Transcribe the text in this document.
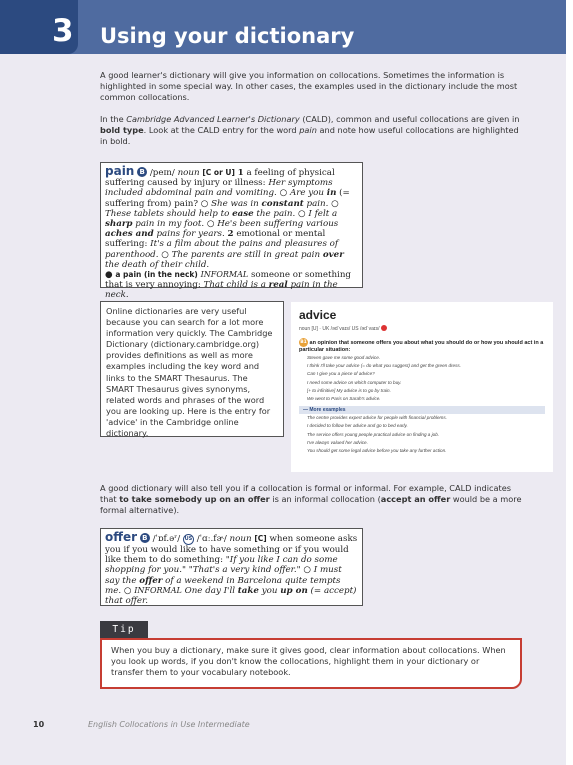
3 Using your dictionary
A good learner's dictionary will give you information on collocations. Sometimes the information is highlighted in some special way. In other cases, the examples used in the dictionary include the most common collocations.
In the Cambridge Advanced Learner's Dictionary (CALD), common and useful collocations are given in bold type. Look at the CALD entry for the word pain and note how useful collocations are highlighted in bold.
pain B /peɪn/ noun [C or U] 1 a feeling of physical suffering caused by injury or illness: Her symptoms included abdominal pain and vomiting. ○ Are you in (= suffering from) pain? ○ She was in constant pain. ○ These tablets should help to ease the pain. ○ I felt a sharp pain in my foot. ○ He's been suffering various aches and pains for years. 2 emotional or mental suffering: It's a film about the pains and pleasures of parenthood. ○ The parents are still in great pain over the death of their child.
● a pain (in the neck) INFORMAL someone or something that is very annoying: That child is a real pain in the neck.
Online dictionaries are very useful because you can search for a lot more information very quickly. The Cambridge Dictionary (dictionary.cambridge.org) provides definitions as well as more examples including the key word and links to the SMART Thesaurus. The SMART Thesaurus gives synonyms, related words and phrases of the word you are looking up. Here is the entry for 'advice' in the Cambridge online dictionary.
advice
noun [U] · UK /ədˈvaɪs/ US /ədˈvaɪs/
B1 an opinion that someone offers you about what you should do or how you should act in a particular situation:
Steven gave me some good advice.
I think I'll take your advice (= do what you suggest) and get the green dress.
Can I give you a piece of advice?
I need some advice on which computer to buy.
[+ to infinitive] My advice is to go by train.
We went to Paris on Sarah's advice.
— More examples
The centre provides expert advice for people with financial problems.
I decided to follow her advice and go to bed early.
The service offers young people practical advice on finding a job.
I've always valued her advice.
You should get some legal advice before you take any further action.
A good dictionary will also tell you if a collocation is formal or informal. For example, CALD indicates that to take somebody up on an offer is an informal collocation (accept an offer would be a more formal alternative).
offer B /ˈɒf.əʳ/ US /ˈɑː.fɚ/ noun [C] when someone asks you if you would like to have something or if you would like them to do something: "If you like I can do some shopping for you." "That's a very kind offer." ○ I must say the offer of a weekend in Barcelona quite tempts me. ○ INFORMAL One day I'll take you up on (= accept) that offer.
Tip
When you buy a dictionary, make sure it gives good, clear information about collocations. When you look up words, if you don't know the collocations, highlight them in your dictionary or transfer them to your vocabulary notebook.
10	English Collocations in Use Intermediate
